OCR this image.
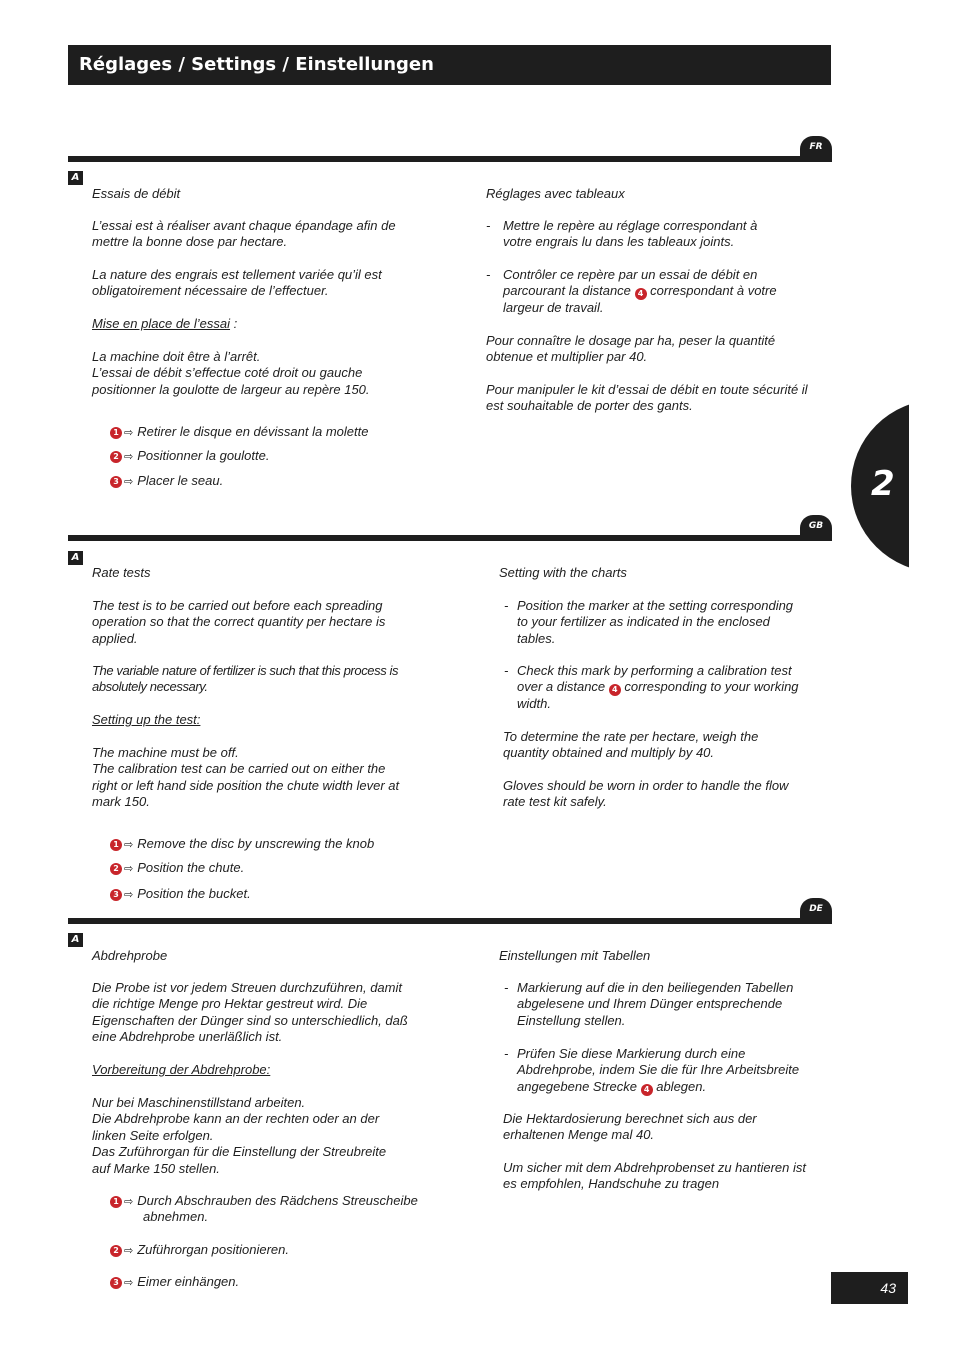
Réglages / Settings / Einstellungen
2
FR
A
Essais de débit
L’essai est à réaliser avant chaque épandage afin de
mettre la bonne dose par hectare.
La nature des engrais est tellement variée qu’il est
obligatoirement nécessaire de l’effectuer.
Mise en place de l’essai :
La machine doit être à l’arrêt.
L’essai de débit s’effectue coté droit ou gauche
positionner la goulotte de largeur au repère 150.
1 ⇨ Retirer le disque en dévissant la molette
2 ⇨ Positionner la goulotte.
3 ⇨ Placer le seau.
Réglages avec tableaux
- Mettre le repère au réglage correspondant à
votre engrais lu dans les tableaux joints.
- Contrôler ce repère par un essai de débit en
parcourant la distance 4 correspondant à votre
largeur de travail.
Pour connaître le dosage par ha, peser la quantité
obtenue et multiplier par 40.
Pour manipuler le kit d’essai de débit en toute sécurité il
est souhaitable de porter des gants.
GB
A
Rate tests
The test is to be carried out before each spreading
operation so that the correct quantity per hectare is
applied.
The variable nature of fertilizer is such that this process is
absolutely necessary.
Setting up the test:
The machine must be off.
The calibration test can be carried out on either the
right or left hand side position the chute width lever at
mark 150.
1 ⇨ Remove the disc by unscrewing the knob
2 ⇨ Position the chute.
3 ⇨ Position the bucket.
Setting with the charts
- Position the marker at the setting corresponding
to your fertilizer as indicated in the enclosed
tables.
- Check this mark by performing a calibration test
over a distance 4 corresponding to your working
width.
To determine the rate per hectare, weigh the
quantity obtained and multiply by 40.
Gloves should be worn in order to handle the flow
rate test kit safely.
DE
A
Abdrehprobe
Die Probe ist vor jedem Streuen durchzuführen, damit
die richtige Menge pro Hektar gestreut wird. Die
Eigenschaften der Dünger sind so unterschiedlich, daß
eine Abdrehprobe unerläßlich ist.
Vorbereitung der Abdrehprobe:
Nur bei Maschinenstillstand arbeiten.
Die Abdrehprobe kann an der rechten oder an der
linken Seite erfolgen.
Das Zuführorgan für die Einstellung der Streubreite
auf Marke 150 stellen.
1 ⇨ Durch Abschrauben des Rädchens Streuscheibe
abnehmen.
2 ⇨ Zuführorgan positionieren.
3 ⇨ Eimer einhängen.
Einstellungen mit Tabellen
- Markierung auf die in den beiliegenden Tabellen
abgelesene und Ihrem Dünger entsprechende
Einstellung stellen.
- Prüfen Sie diese Markierung durch eine
Abdrehprobe, indem Sie die für Ihre Arbeitsbreite
angegebene Strecke 4 ablegen.
Die Hektardosierung berechnet sich aus der
erhaltenen Menge mal 40.
Um sicher mit dem Abdrehprobenset zu hantieren ist
es empfohlen, Handschuhe zu tragen
43
